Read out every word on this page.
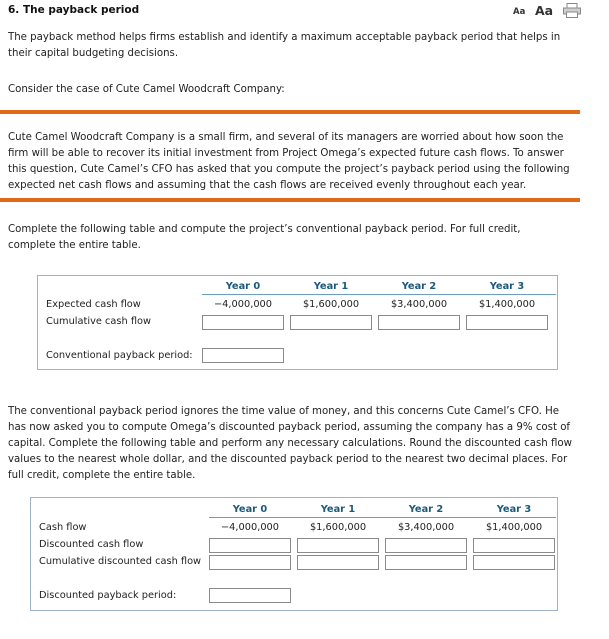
6. The payback period	Aa Aa
The payback method helps firms establish and identify a maximum acceptable payback period that helps in their capital budgeting decisions.
Consider the case of Cute Camel Woodcraft Company:
Cute Camel Woodcraft Company is a small firm, and several of its managers are worried about how soon the firm will be able to recover its initial investment from Project Omega’s expected future cash flows. To answer this question, Cute Camel’s CFO has asked that you compute the project’s payback period using the following expected net cash flows and assuming that the cash flows are received evenly throughout each year.
Complete the following table and compute the project’s conventional payback period. For full credit, complete the entire table.
Year 0	Year 1	Year 2	Year 3
Expected cash flow	−4,000,000	$1,600,000	$3,400,000	$1,400,000
Cumulative cash flow
Conventional payback period:
The conventional payback period ignores the time value of money, and this concerns Cute Camel’s CFO. He has now asked you to compute Omega’s discounted payback period, assuming the company has a 9% cost of capital. Complete the following table and perform any necessary calculations. Round the discounted cash flow values to the nearest whole dollar, and the discounted payback period to the nearest two decimal places. For full credit, complete the entire table.
Year 0	Year 1	Year 2	Year 3
Cash flow	−4,000,000	$1,600,000	$3,400,000	$1,400,000
Discounted cash flow
Cumulative discounted cash flow
Discounted payback period:
